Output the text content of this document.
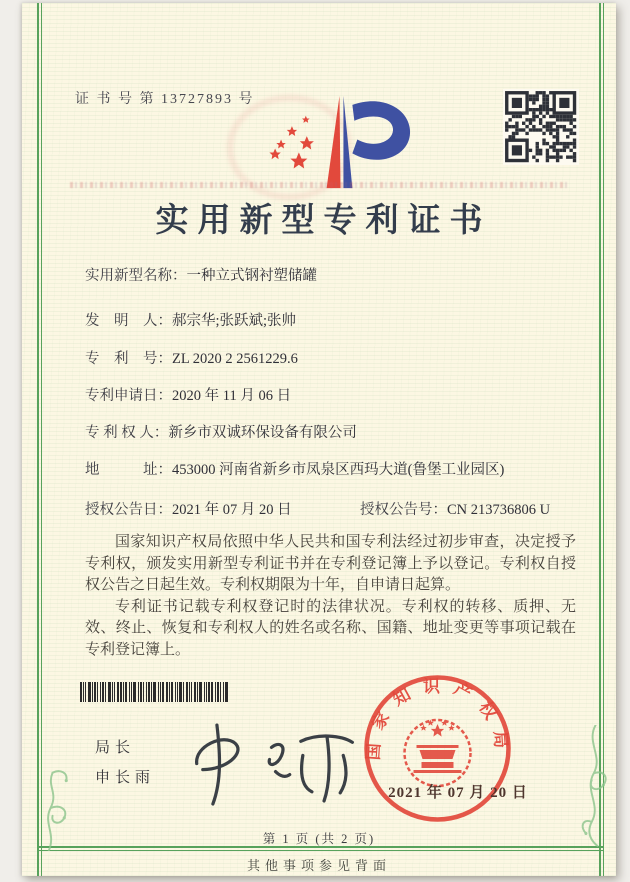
证 书 号 第 13727893 号
实用新型专利证书
实用新型名称：一种立式钢衬塑储罐
发　明　人：郝宗华;张跃斌;张帅
专　利　号：ZL 2020 2 2561229.6
专利申请日：2020 年 11 月 06 日
专 利 权 人：新乡市双诚环保设备有限公司
地　　　址：453000 河南省新乡市凤泉区西玛大道(鲁堡工业园区)
授权公告日：2021 年 07 月 20 日	授权公告号：CN 213736806 U

国家知识产权局依照中华人民共和国专利法经过初步审查，决定授予专利权，颁发实用新型专利证书并在专利登记簿上予以登记。专利权自授权公告之日起生效。专利权期限为十年，自申请日起算。

专利证书记载专利权登记时的法律状况。专利权的转移、质押、无效、终止、恢复和专利权人的姓名或名称、国籍、地址变更等事项记载在专利登记簿上。

国家知识产权局
2021 年 07 月 20 日
局长
申长雨
第 1 页 (共 2 页)
其他事项参见背面
